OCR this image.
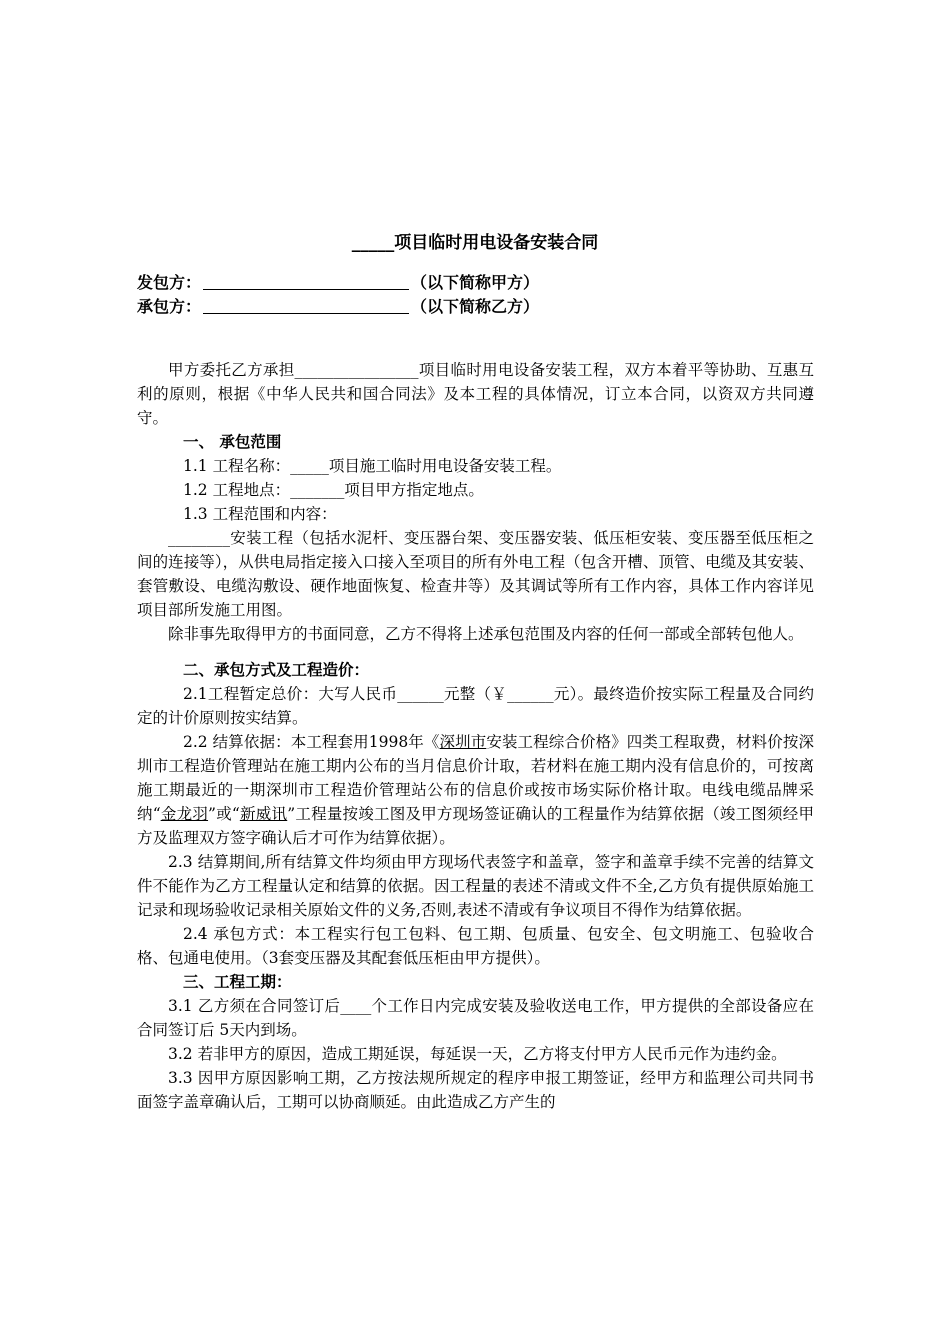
_____项目临时用电设备安装合同
发包方：	（以下简称甲方）
承包方：	（以下简称乙方）

甲方委托乙方承担________________项目临时用电设备安装工程，双方本着平等协助、互惠互利的原则，根据《中华人民共和国合同法》及本工程的具体情况，订立本合同，以资双方共同遵守。

一、 承包范围

1.1 工程名称：_____项目施工临时用电设备安装工程。

1.2 工程地点：_______项目甲方指定地点。

1.3 工程范围和内容：

________安装工程（包括水泥杆、变压器台架、变压器安装、低压柜安装、变压器至低压柜之间的连接等），从供电局指定接入口接入至项目的所有外电工程（包含开槽、顶管、电缆及其安装、套管敷设、电缆沟敷设、硬作地面恢复、检查井等）及其调试等所有工作内容，具体工作内容详见项目部所发施工用图。

除非事先取得甲方的书面同意，乙方不得将上述承包范围及内容的任何一部或全部转包他人。

二、承包方式及工程造价：

2.1工程暂定总价：大写人民币______元整（￥______元）。最终造价按实际工程量及合同约定的计价原则按实结算。

2.2 结算依据：本工程套用1998年《深圳市安装工程综合价格》四类工程取费，材料价按深圳市工程造价管理站在施工期内公布的当月信息价计取，若材料在施工期内没有信息价的，可按离施工期最近的一期深圳市工程造价管理站公布的信息价或按市场实际价格计取。电线电缆品牌采纳“金龙羽”或“新威讯”工程量按竣工图及甲方现场签证确认的工程量作为结算依据（竣工图须经甲方及监理双方签字确认后才可作为结算依据）。

2.3 结算期间,所有结算文件均须由甲方现场代表签字和盖章，签字和盖章手续不完善的结算文件不能作为乙方工程量认定和结算的依据。因工程量的表述不清或文件不全,乙方负有提供原始施工记录和现场验收记录相关原始文件的义务,否则,表述不清或有争议项目不得作为结算依据。

2.4 承包方式：本工程实行包工包料、包工期、包质量、包安全、包文明施工、包验收合格、包通电使用。（3套变压器及其配套低压柜由甲方提供）。

三、工程工期：

3.1 乙方须在合同签订后____个工作日内完成安装及验收送电工作，甲方提供的全部设备应在合同签订后 5天内到场。

3.2 若非甲方的原因，造成工期延误，每延误一天，乙方将支付甲方人民币元作为违约金。

3.3 因甲方原因影响工期，乙方按法规所规定的程序申报工期签证，经甲方和监理公司共同书面签字盖章确认后，工期可以协商顺延。由此造成乙方产生的
